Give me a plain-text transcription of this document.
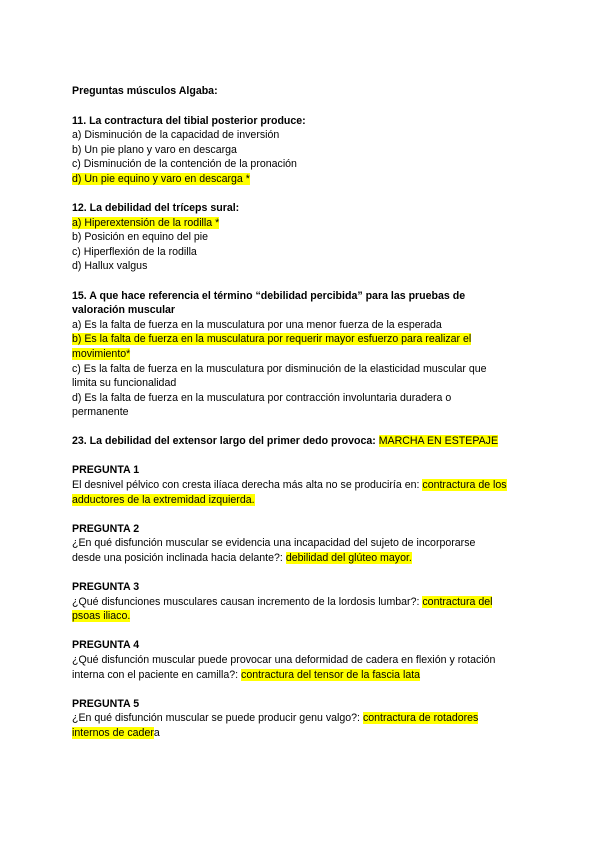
Preguntas músculos Algaba:
11. La contractura del tibial posterior produce:
a) Disminución de la capacidad de inversión
b) Un pie plano y varo en descarga
c) Disminución de la contención de la pronación
d) Un pie equino y varo en descarga *
12. La debilidad del tríceps sural:
a) Hiperextensión de la rodilla *
b) Posición en equino del pie
c) Hiperflexión de la rodilla
d) Hallux valgus
15. A que hace referencia el término “debilidad percibida” para las pruebas de
valoración muscular
a) Es la falta de fuerza en la musculatura por una menor fuerza de la esperada
b) Es la falta de fuerza en la musculatura por requerir mayor esfuerzo para realizar el
movimiento*
c) Es la falta de fuerza en la musculatura por disminución de la elasticidad muscular que
limita su funcionalidad
d) Es la falta de fuerza en la musculatura por contracción involuntaria duradera o
permanente
23. La debilidad del extensor largo del primer dedo provoca: MARCHA EN ESTEPAJE
PREGUNTA 1
El desnivel pélvico con cresta ilíaca derecha más alta no se produciría en: contractura de los
adductores de la extremidad izquierda.
PREGUNTA 2
¿En qué disfunción muscular se evidencia una incapacidad del sujeto de incorporarse
desde una posición inclinada hacia delante?: debilidad del glúteo mayor.
PREGUNTA 3
¿Qué disfunciones musculares causan incremento de la lordosis lumbar?: contractura del
psoas iliaco.
PREGUNTA 4
¿Qué disfunción muscular puede provocar una deformidad de cadera en flexión y rotación
interna con el paciente en camilla?: contractura del tensor de la fascia lata
PREGUNTA 5
¿En qué disfunción muscular se puede producir genu valgo?: contractura de rotadores
internos de cadera
